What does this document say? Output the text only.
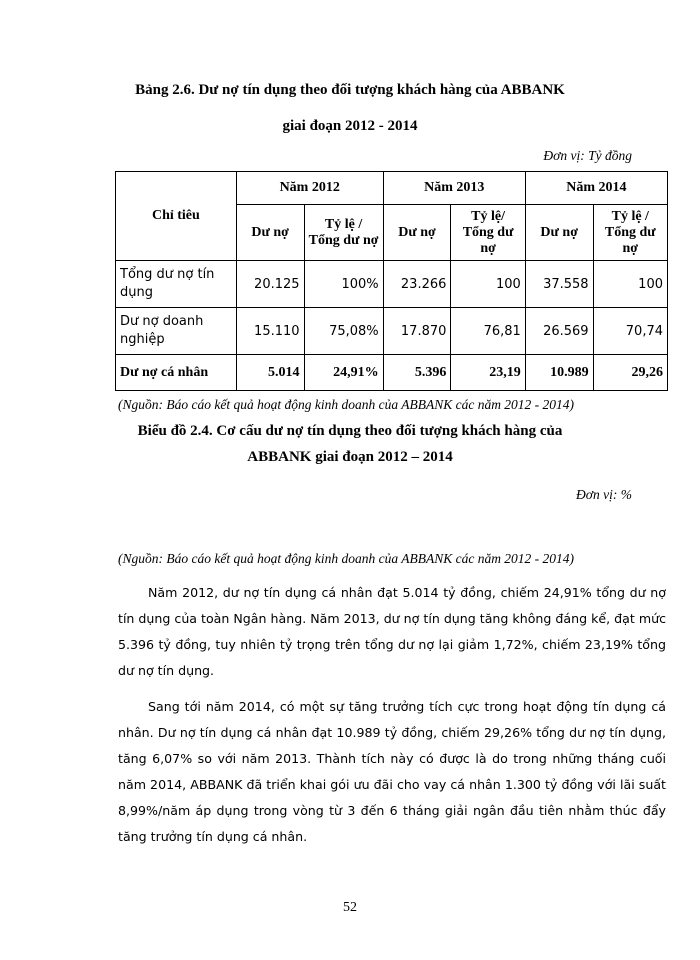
Bảng 2.6. Dư nợ tín dụng theo đối tượng khách hàng của ABBANK
giai đoạn 2012 - 2014
Đơn vị: Tỷ đồng
Chỉ tiêu	Năm 2012		Năm 2013		Năm 2014	
	Dư nợ	Tỷ lệ / Tổng dư nợ	Dư nợ	Tỷ lệ/ Tổng dư nợ	Dư nợ	Tỷ lệ / Tổng dư nợ
Tổng dư nợ tín dụng	20.125	100%	23.266	100	37.558	100
Dư nợ doanh nghiệp	15.110	75,08%	17.870	76,81	26.569	70,74
Dư nợ cá nhân	5.014	24,91%	5.396	23,19	10.989	29,26
(Nguồn: Báo cáo kết quả hoạt động kinh doanh của ABBANK các năm 2012 - 2014)
Biểu đồ 2.4. Cơ cấu dư nợ tín dụng theo đối tượng khách hàng của
ABBANK giai đoạn 2012 – 2014
Đơn vị: %
(Nguồn: Báo cáo kết quả hoạt động kinh doanh của ABBANK các năm 2012 - 2014)

Năm 2012, dư nợ tín dụng cá nhân đạt 5.014 tỷ đồng, chiếm 24,91% tổng dư nợ tín dụng của toàn Ngân hàng. Năm 2013, dư nợ tín dụng tăng không đáng kể, đạt mức 5.396 tỷ đồng, tuy nhiên tỷ trọng trên tổng dư nợ lại giảm 1,72%, chiếm 23,19% tổng dư nợ tín dụng.

Sang tới năm 2014, có một sự tăng trưởng tích cực trong hoạt động tín dụng cá nhân. Dư nợ tín dụng cá nhân đạt 10.989 tỷ đồng, chiếm 29,26% tổng dư nợ tín dụng, tăng 6,07% so với năm 2013. Thành tích này có được là do trong những tháng cuối năm 2014, ABBANK đã triển khai gói ưu đãi cho vay cá nhân 1.300 tỷ đồng với lãi suất 8,99%/năm áp dụng trong vòng từ 3 đến 6 tháng giải ngân đầu tiên nhằm thúc đẩy tăng trưởng tín dụng cá nhân.

52
